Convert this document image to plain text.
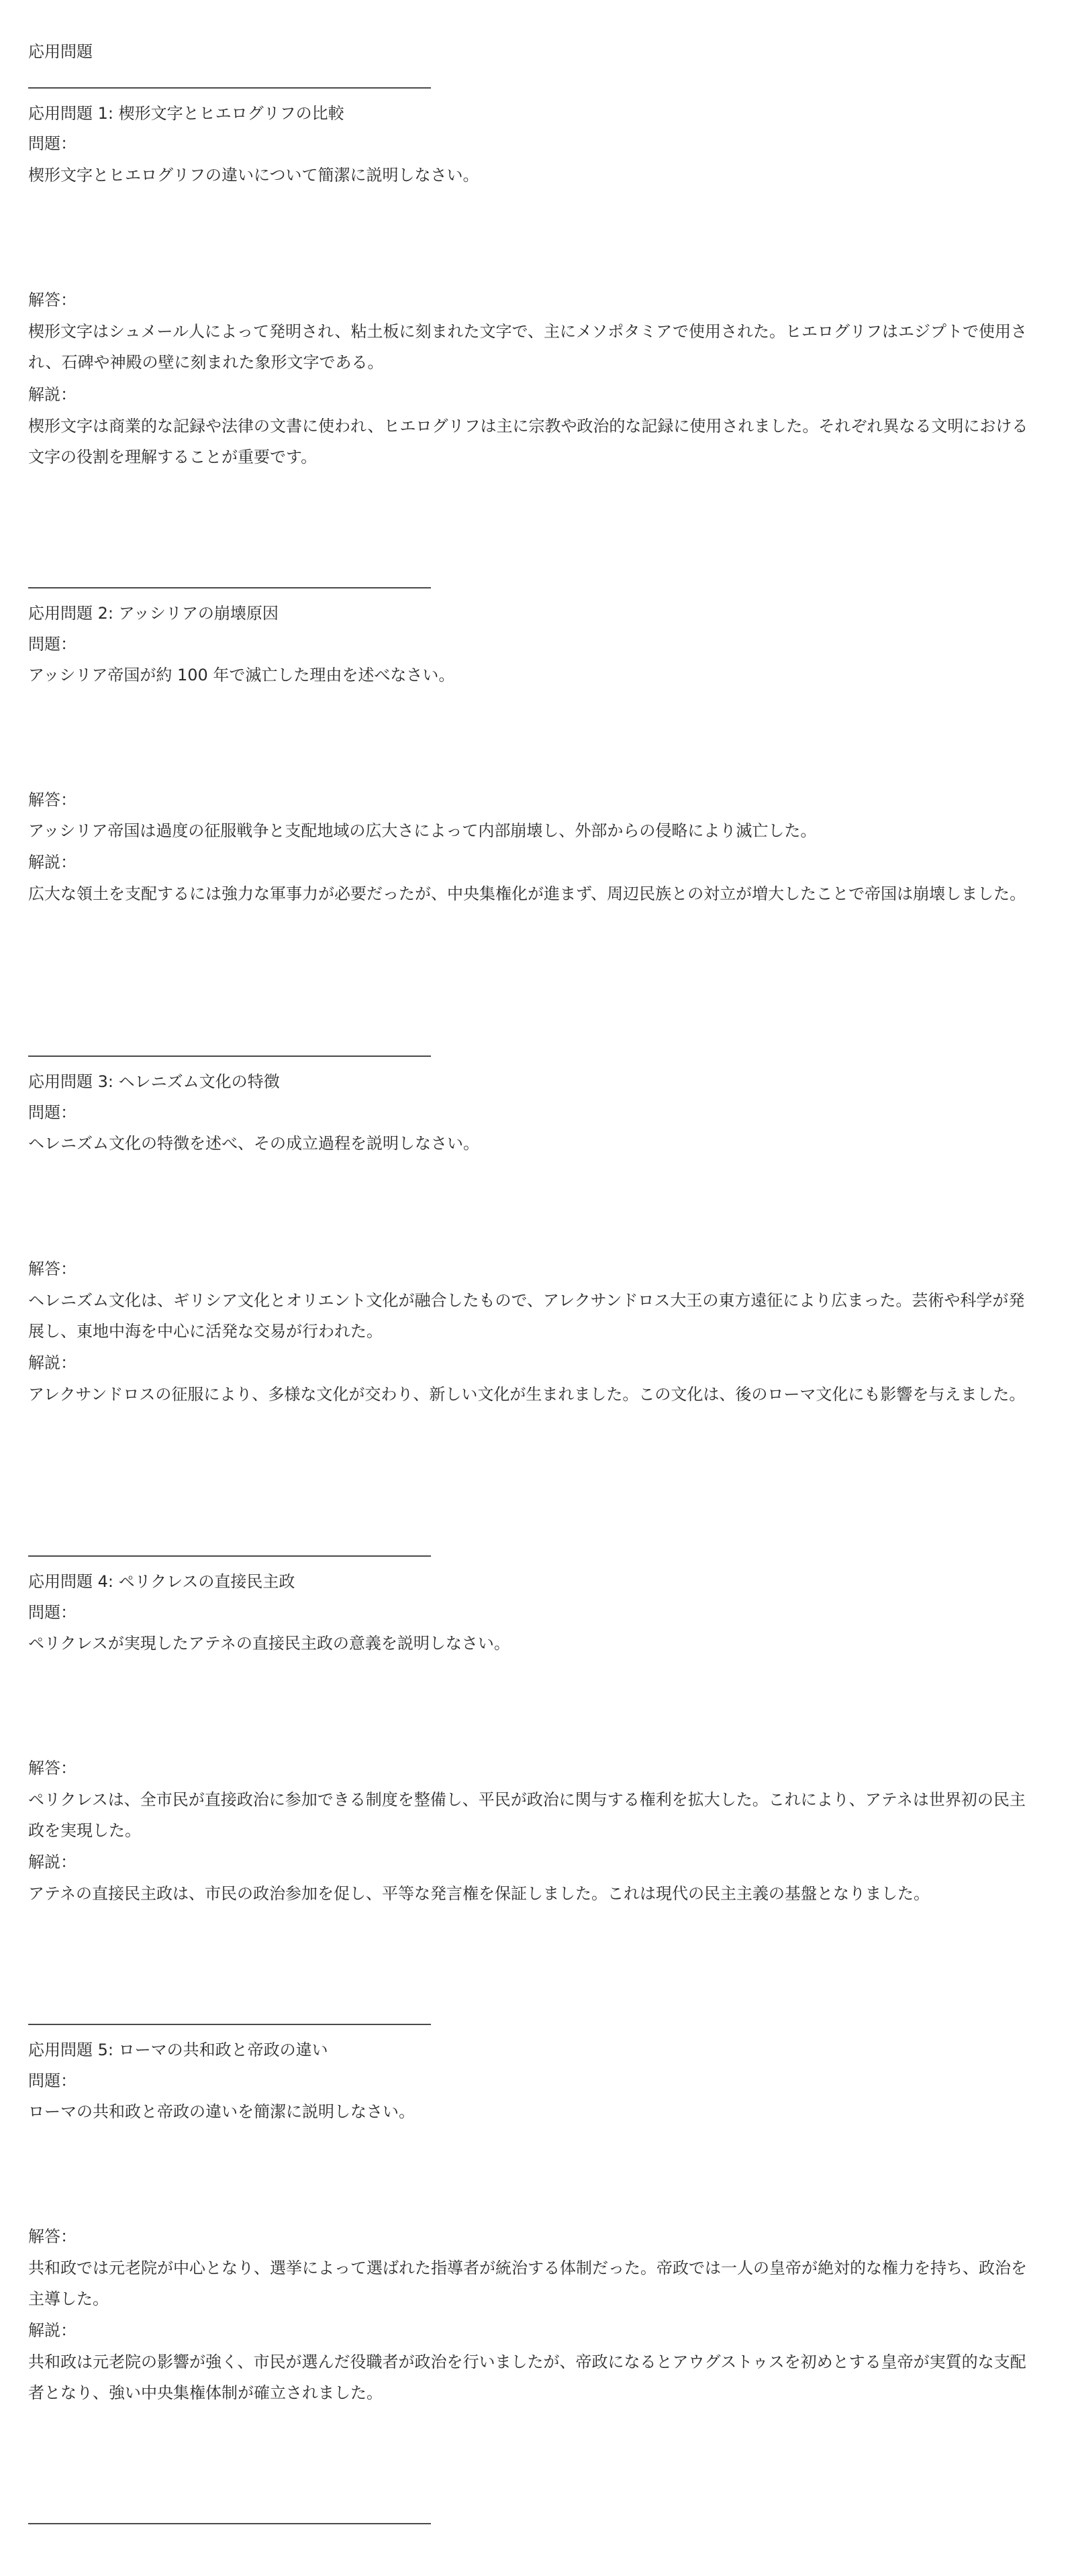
応用問題
応用問題 1: 楔形文字とヒエログリフの比較
問題：
楔形文字とヒエログリフの違いについて簡潔に説明しなさい。
解答：
楔形文字はシュメール人によって発明され、粘土板に刻まれた文字で、主にメソポタミアで使用された。ヒエログリフはエジプトで使用され、石碑や神殿の壁に刻まれた象形文字である。
解説：
楔形文字は商業的な記録や法律の文書に使われ、ヒエログリフは主に宗教や政治的な記録に使用されました。それぞれ異なる文明における文字の役割を理解することが重要です。
応用問題 2: アッシリアの崩壊原因
問題：
アッシリア帝国が約 100 年で滅亡した理由を述べなさい。
解答：
アッシリア帝国は過度の征服戦争と支配地域の広大さによって内部崩壊し、外部からの侵略により滅亡した。
解説：
広大な領土を支配するには強力な軍事力が必要だったが、中央集権化が進まず、周辺民族との対立が増大したことで帝国は崩壊しました。
応用問題 3: ヘレニズム文化の特徴
問題：
ヘレニズム文化の特徴を述べ、その成立過程を説明しなさい。
解答：
ヘレニズム文化は、ギリシア文化とオリエント文化が融合したもので、アレクサンドロス大王の東方遠征により広まった。芸術や科学が発展し、東地中海を中心に活発な交易が行われた。
解説：
アレクサンドロスの征服により、多様な文化が交わり、新しい文化が生まれました。この文化は、後のローマ文化にも影響を与えました。
応用問題 4: ペリクレスの直接民主政
問題：
ペリクレスが実現したアテネの直接民主政の意義を説明しなさい。
解答：
ペリクレスは、全市民が直接政治に参加できる制度を整備し、平民が政治に関与する権利を拡大した。これにより、アテネは世界初の民主政を実現した。
解説：
アテネの直接民主政は、市民の政治参加を促し、平等な発言権を保証しました。これは現代の民主主義の基盤となりました。
応用問題 5: ローマの共和政と帝政の違い
問題：
ローマの共和政と帝政の違いを簡潔に説明しなさい。
解答：
共和政では元老院が中心となり、選挙によって選ばれた指導者が統治する体制だった。帝政では一人の皇帝が絶対的な権力を持ち、政治を主導した。
解説：
共和政は元老院の影響が強く、市民が選んだ役職者が政治を行いましたが、帝政になるとアウグストゥスを初めとする皇帝が実質的な支配者となり、強い中央集権体制が確立されました。
